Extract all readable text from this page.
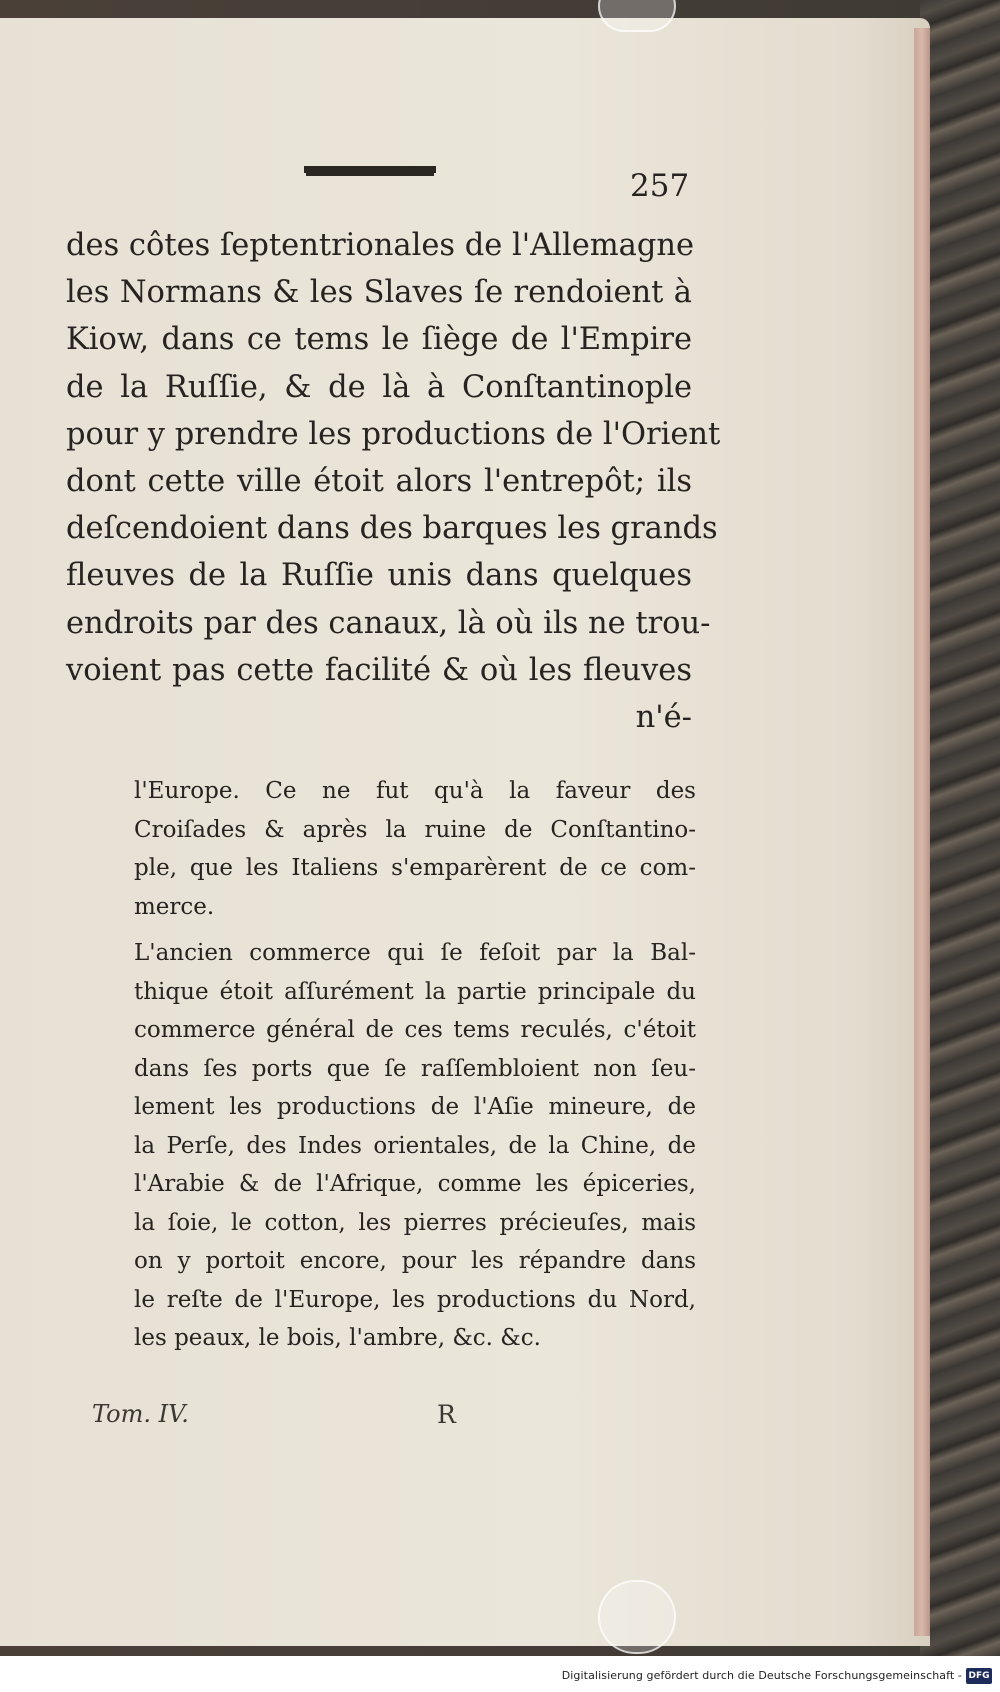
257
des côtes ſeptentrionales de l'Allemagne
les Normans & les Slaves ſe rendoient à
Kiow, dans ce tems le ſiège de l'Empire
de la Ruſſie, & de là à Conſtantinople
pour y prendre les productions de l'Orient
dont cette ville étoit alors l'entrepôt; ils
deſcendoient dans des barques les grands
fleuves de la Ruſſie unis dans quelques
endroits par des canaux, là où ils ne trou-
voient pas cette facilité & où les fleuves
n'é-
l'Europe. Ce ne fut qu'à la faveur des
Croiſades & après la ruine de Conſtantino-
ple, que les Italiens s'emparèrent de ce com-
merce.
L'ancien commerce qui ſe feſoit par la Bal-
thique étoit aſſurément la partie principale du
commerce général de ces tems reculés, c'étoit
dans ſes ports que ſe raſſembloient non ſeu-
lement les productions de l'Aſie mineure, de
la Perſe, des Indes orientales, de la Chine, de
l'Arabie & de l'Afrique, comme les épiceries,
la ſoie, le cotton, les pierres précieuſes, mais
on y portoit encore, pour les répandre dans
le reſte de l'Europe, les productions du Nord,
les peaux, le bois, l'ambre, &c. &c.
Tom. IV.	R
Digitalisierung gefördert durch die Deutsche Forschungsgemeinschaft - DFG
